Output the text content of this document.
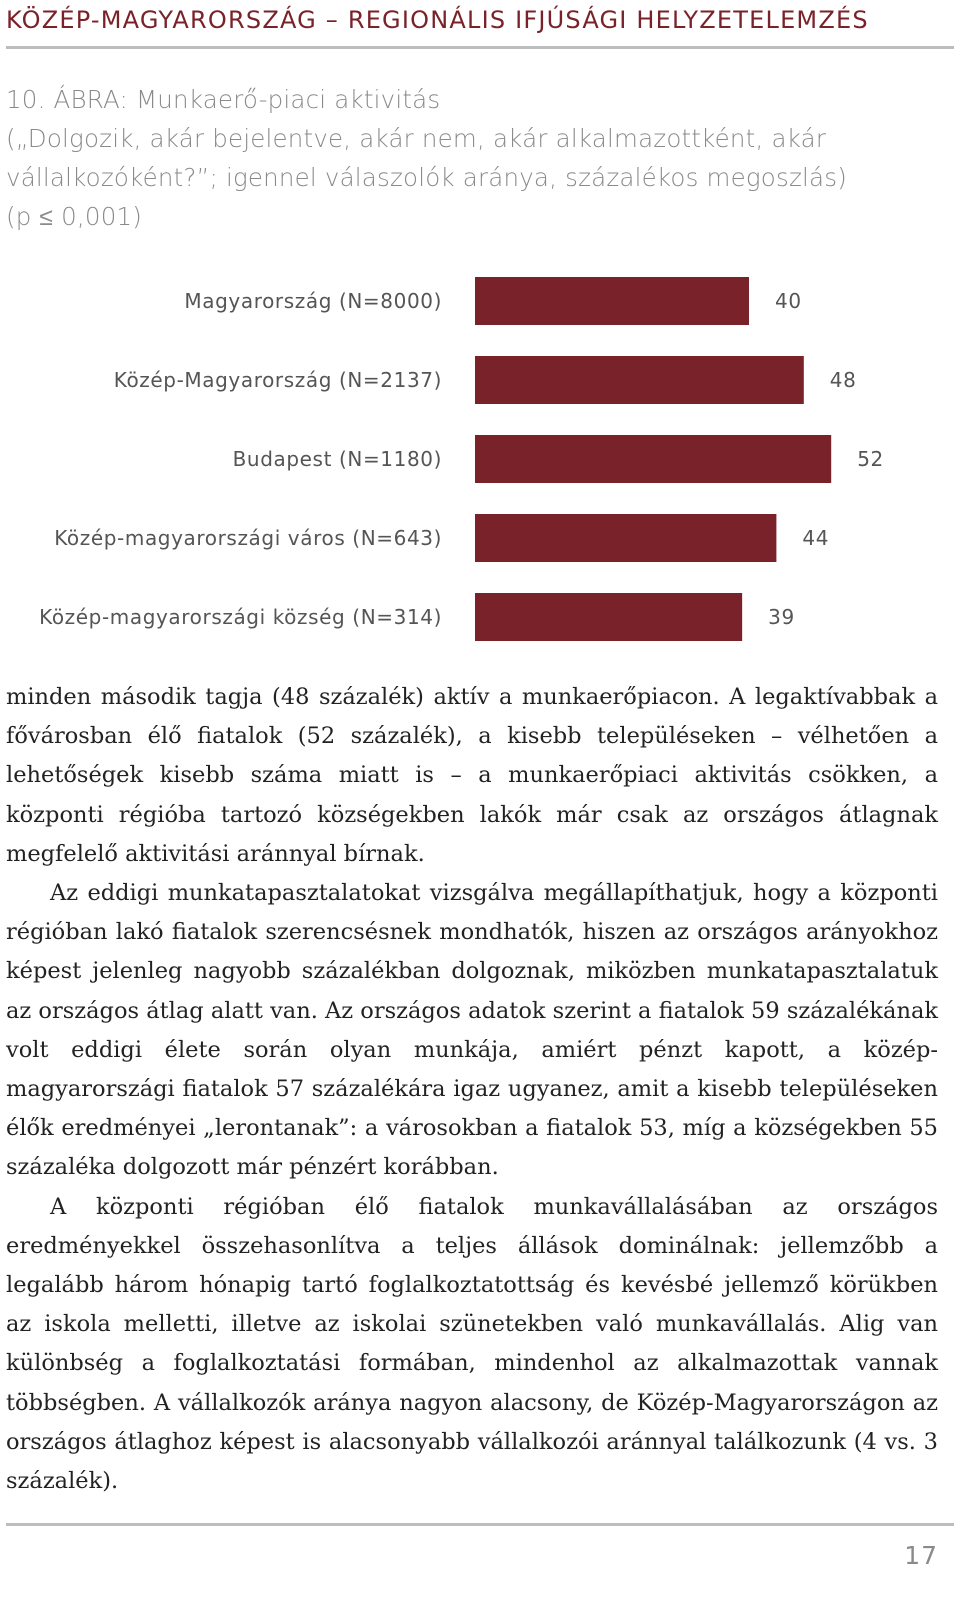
KÖZÉP-MAGYARORSZÁG – REGIONÁLIS IFJÚSÁGI HELYZETELEMZÉS
10. ÁBRA: Munkaerő-piaci aktivitás
(„Dolgozik, akár bejelentve, akár nem, akár alkalmazottként, akár
vállalkozóként?”; igennel válaszolók aránya, százalékos megoszlás)
(p ≤ 0,001)
Magyarország (N=8000)	40
Közép-Magyarország (N=2137)	48
Budapest (N=1180)	52
Közép-magyarországi város (N=643)	44
Közép-magyarországi község (N=314)	39

minden második tagja (48 százalék) aktív a munkaerőpiacon. A legaktívabbak a fővárosban élő fiatalok (52 százalék), a kisebb településeken – vélhetően a lehetőségek kisebb száma miatt is – a munkaerőpiaci aktivitás csökken, a központi régióba tartozó községekben lakók már csak az országos átlagnak megfelelő aktivitási aránnyal bírnak.

Az eddigi munkatapasztalatokat vizsgálva megállapíthatjuk, hogy a központi régióban lakó fiatalok szerencsésnek mondhatók, hiszen az országos arányokhoz képest jelenleg nagyobb százalékban dolgoznak, miközben munkatapasztalatuk az országos átlag alatt van. Az országos adatok szerint a fiatalok 59 százalékának volt eddigi élete során olyan munkája, amiért pénzt kapott, a közép-magyarországi fiatalok 57 százalékára igaz ugyanez, amit a kisebb településeken élők eredményei „lerontanak”: a városokban a fiatalok 53, míg a községekben 55 százaléka dolgozott már pénzért korábban.

A központi régióban élő fiatalok munkavállalásában az országos eredményekkel összehasonlítva a teljes állások dominálnak: jellemzőbb a legalább három hónapig tartó foglalkoztatottság és kevésbé jellemző körükben az iskola melletti, illetve az iskolai szünetekben való munkavállalás. Alig van különbség a foglalkoztatási formában, mindenhol az alkalmazottak vannak többségben. A vállalkozók aránya nagyon alacsony, de Közép-Magyarországon az országos átlaghoz képest is alacsonyabb vállalkozói aránnyal találkozunk (4 vs. 3 százalék).

17
